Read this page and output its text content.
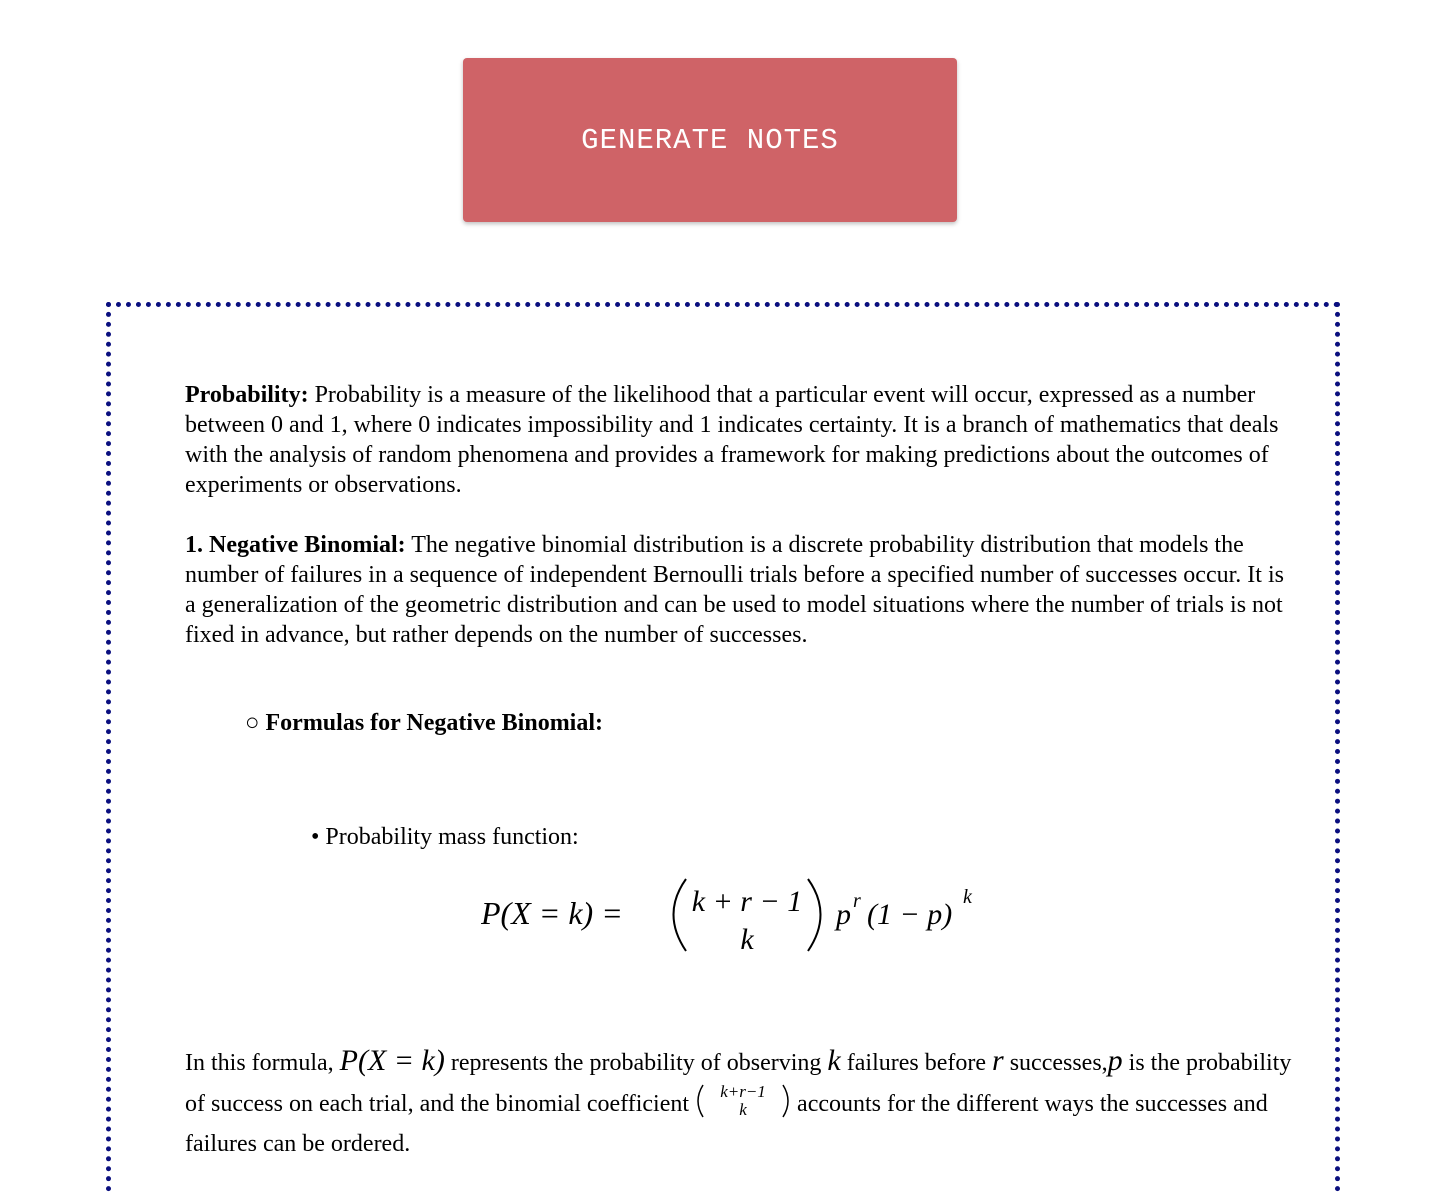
GENERATE NOTES
Probability: Probability is a measure of the likelihood that a particular event will occur, expressed as a number between 0 and 1, where 0 indicates impossibility and 1 indicates certainty. It is a branch of mathematics that deals with the analysis of random phenomena and provides a framework for making predictions about the outcomes of experiments or observations.
1. Negative Binomial: The negative binomial distribution is a discrete probability distribution that models the number of failures in a sequence of independent Bernoulli trials before a specified number of successes occur. It is a generalization of the geometric distribution and can be used to model situations where the number of trials is not fixed in advance, but rather depends on the number of successes.
○ Formulas for Negative Binomial:
• Probability mass function:
P(X = k) = k + r − 1
k
p r (1 − p)
k
In this formula, P(X = k) represents the probability of observing k failures before r successes,p is the probability of success on each trial, and the binomial coefficient k+r−1
k accounts for the different ways the successes and failures can be ordered.
